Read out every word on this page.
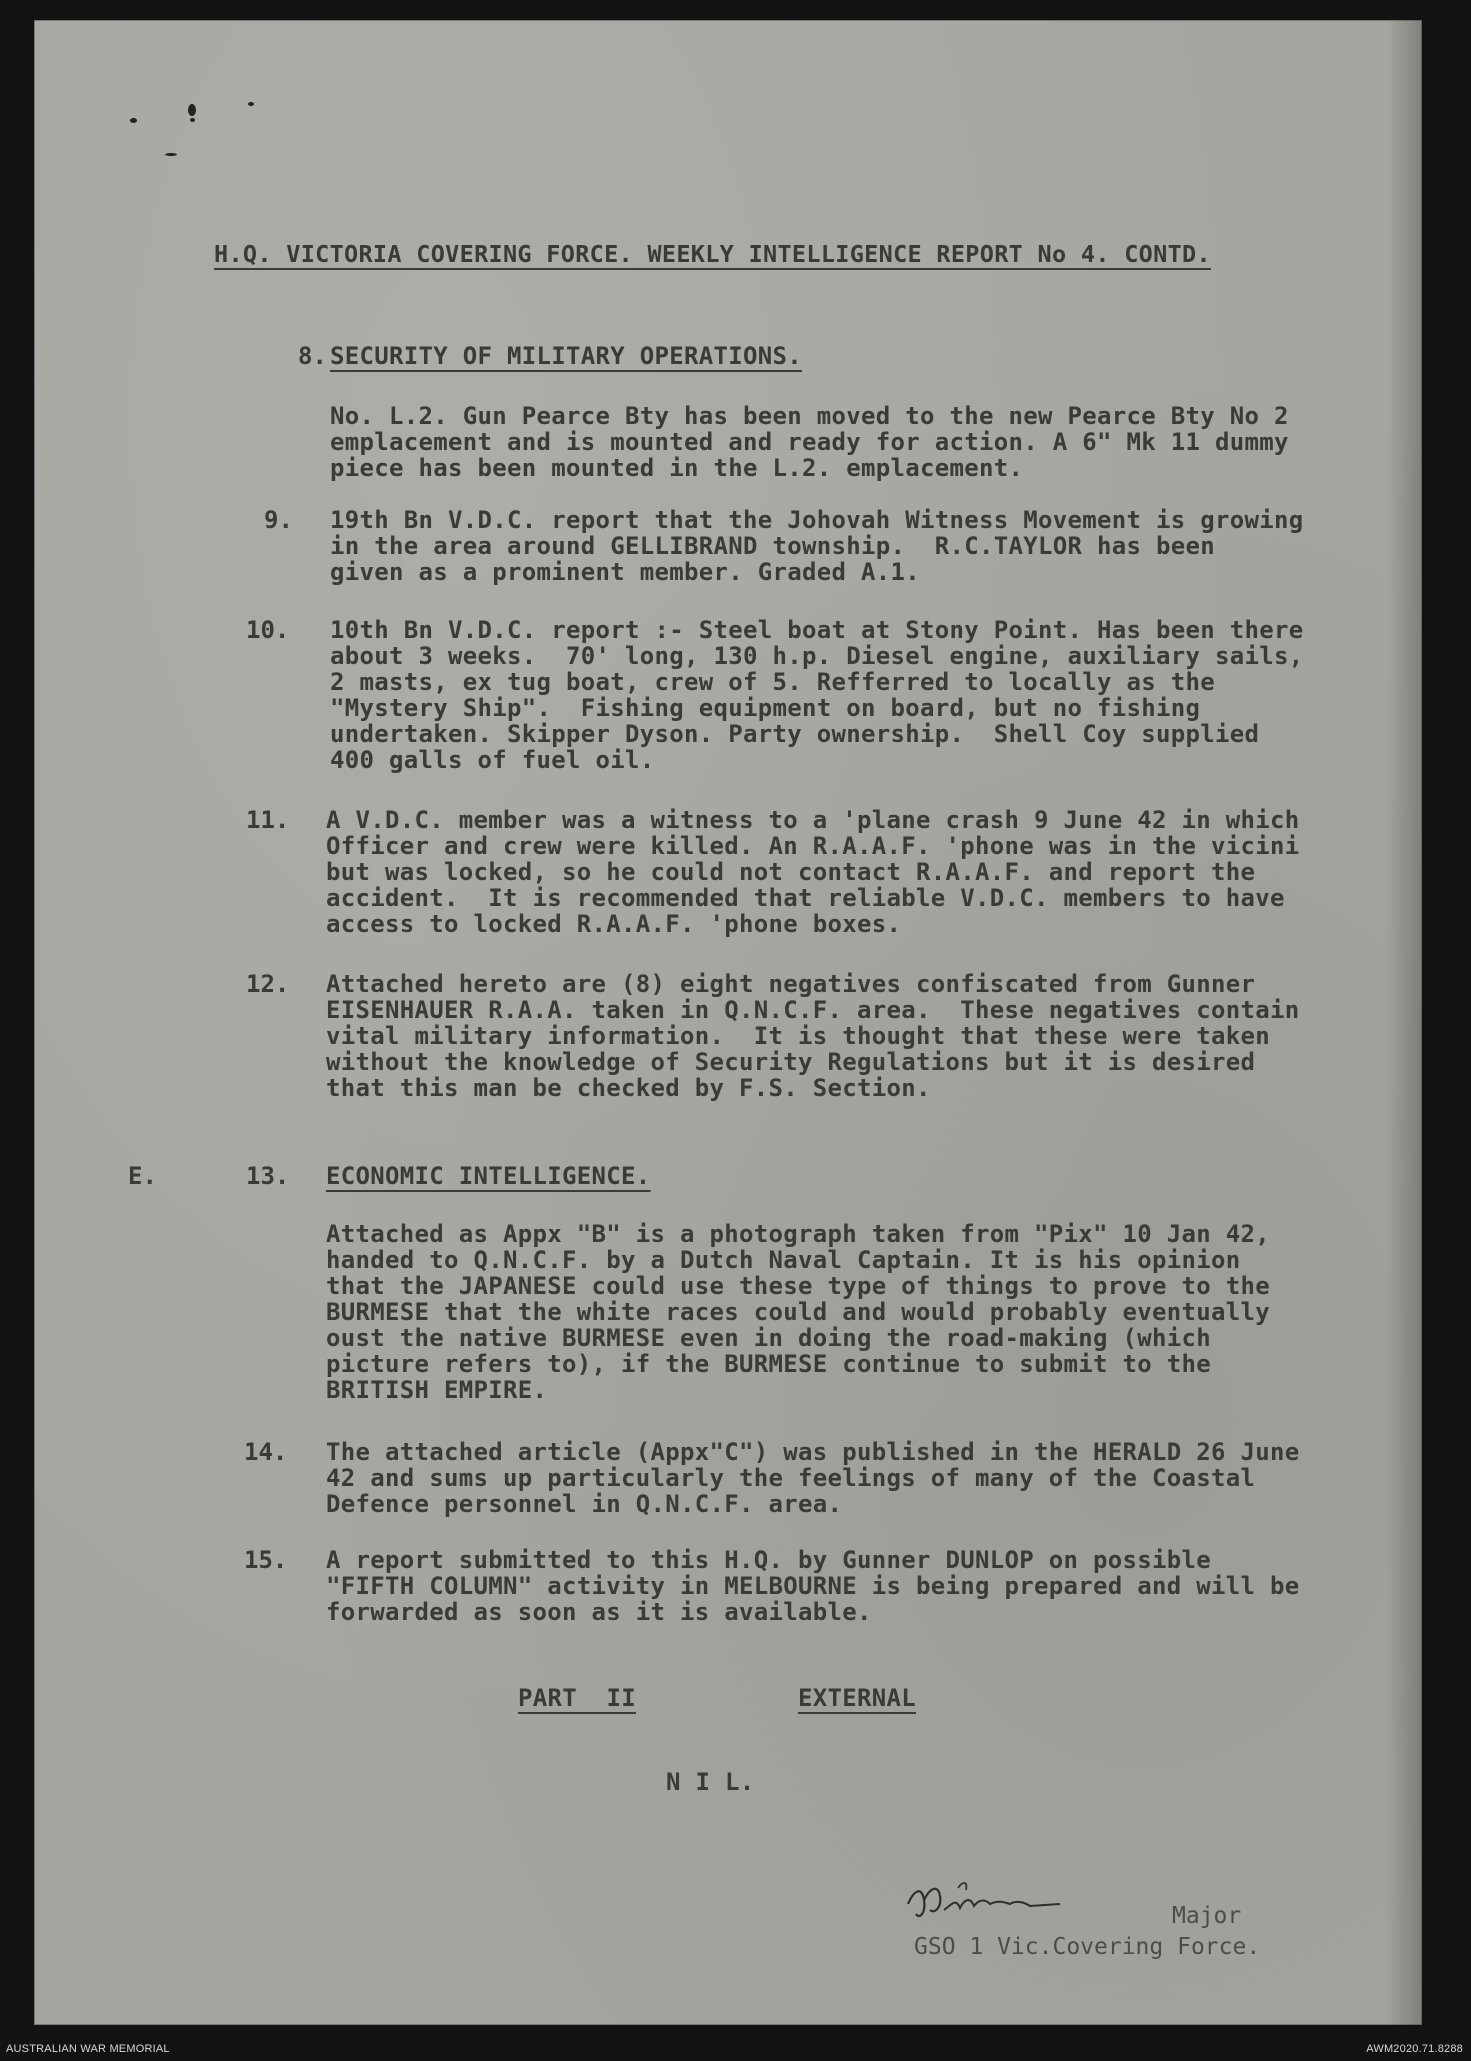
H.Q. VICTORIA COVERING FORCE. WEEKLY INTELLIGENCE REPORT No 4. CONTD.
8. SECURITY OF MILITARY OPERATIONS.
No. L.2. Gun Pearce Bty has been moved to the new Pearce Bty No 2
emplacement and is mounted and ready for action. A 6" Mk 11 dummy
piece has been mounted in the L.2. emplacement.
9. 19th Bn V.D.C. report that the Johovah Witness Movement is growing
in the area around GELLIBRAND township.  R.C.TAYLOR has been
given as a prominent member. Graded A.1.
10. 10th Bn V.D.C. report :- Steel boat at Stony Point. Has been there
about 3 weeks.  70' long, 130 h.p. Diesel engine, auxiliary sails,
2 masts, ex tug boat, crew of 5. Refferred to locally as the
"Mystery Ship".  Fishing equipment on board, but no fishing
undertaken. Skipper Dyson. Party ownership.  Shell Coy supplied
400 galls of fuel oil.
11. A V.D.C. member was a witness to a 'plane crash 9 June 42 in which
Officer and crew were killed. An R.A.A.F. 'phone was in the vicini
but was locked, so he could not contact R.A.A.F. and report the
accident.  It is recommended that reliable V.D.C. members to have
access to locked R.A.A.F. 'phone boxes.
12. Attached hereto are (8) eight negatives confiscated from Gunner
EISENHAUER R.A.A. taken in Q.N.C.F. area.  These negatives contain
vital military information.  It is thought that these were taken
without the knowledge of Security Regulations but it is desired
that this man be checked by F.S. Section.
E.	13. ECONOMIC INTELLIGENCE.
Attached as Appx "B" is a photograph taken from "Pix" 10 Jan 42,
handed to Q.N.C.F. by a Dutch Naval Captain. It is his opinion
that the JAPANESE could use these type of things to prove to the
BURMESE that the white races could and would probably eventually
oust the native BURMESE even in doing the road-making (which
picture refers to), if the BURMESE continue to submit to the
BRITISH EMPIRE.
14. The attached article (Appx"C") was published in the HERALD 26 June
42 and sums up particularly the feelings of many of the Coastal
Defence personnel in Q.N.C.F. area.
15. A report submitted to this H.Q. by Gunner DUNLOP on possible
"FIFTH COLUMN" activity in MELBOURNE is being prepared and will be
forwarded as soon as it is available.
PART  II	EXTERNAL
N I L.
Major
GSO 1 Vic.Covering Force.
AUSTRALIAN WAR MEMORIAL	AWM2020.71.8288
